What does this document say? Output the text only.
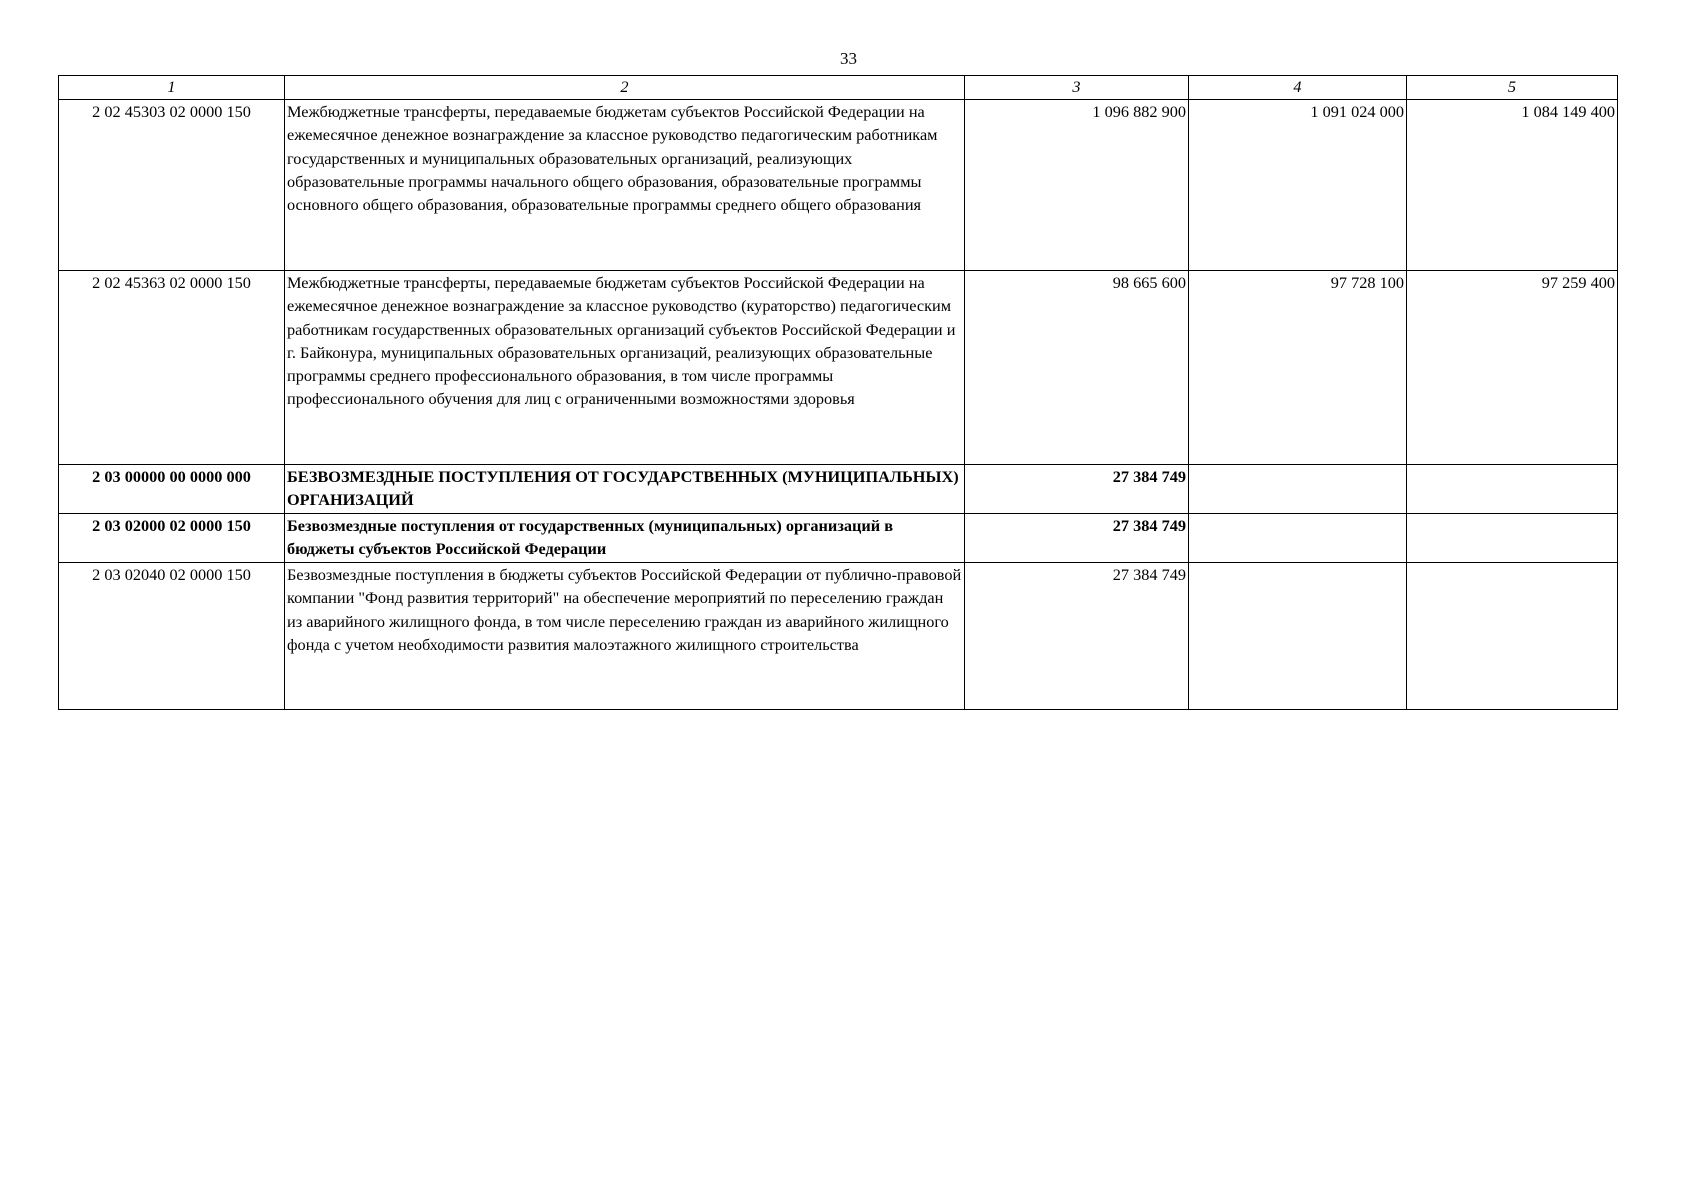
33
1	2	3	4	5
2 02 45303 02 0000 150	Межбюджетные трансферты, передаваемые бюджетам субъектов Российской Федерации на ежемесячное денежное вознаграждение за классное руководство педагогическим работникам государственных и муниципальных образовательных организаций, реализующих образовательные программы начального общего образования, образовательные программы основного общего образования, образовательные программы среднего общего образования	1 096 882 900	1 091 024 000	1 084 149 400
2 02 45363 02 0000 150	Межбюджетные трансферты, передаваемые бюджетам субъектов Российской Федерации на ежемесячное денежное вознаграждение за классное руководство (кураторство) педагогическим работникам государственных образовательных организаций субъектов Российской Федерации и г. Байконура, муниципальных образовательных организаций, реализующих образовательные программы среднего профессионального образования, в том числе программы профессионального обучения для лиц с ограниченными возможностями здоровья	98 665 600	97 728 100	97 259 400
2 03 00000 00 0000 000	БЕЗВОЗМЕЗДНЫЕ ПОСТУПЛЕНИЯ ОТ ГОСУДАРСТВЕННЫХ (МУНИЦИПАЛЬНЫХ) ОРГАНИЗАЦИЙ	27 384 749		
2 03 02000 02 0000 150	Безвозмездные поступления от государственных (муниципальных) организаций в бюджеты субъектов Российской Федерации	27 384 749		
2 03 02040 02 0000 150	Безвозмездные поступления в бюджеты субъектов Российской Федерации от публично-правовой компании "Фонд развития территорий" на обеспечение мероприятий по переселению граждан из аварийного жилищного фонда, в том числе переселению граждан из аварийного жилищного фонда с учетом необходимости развития малоэтажного жилищного строительства	27 384 749		
